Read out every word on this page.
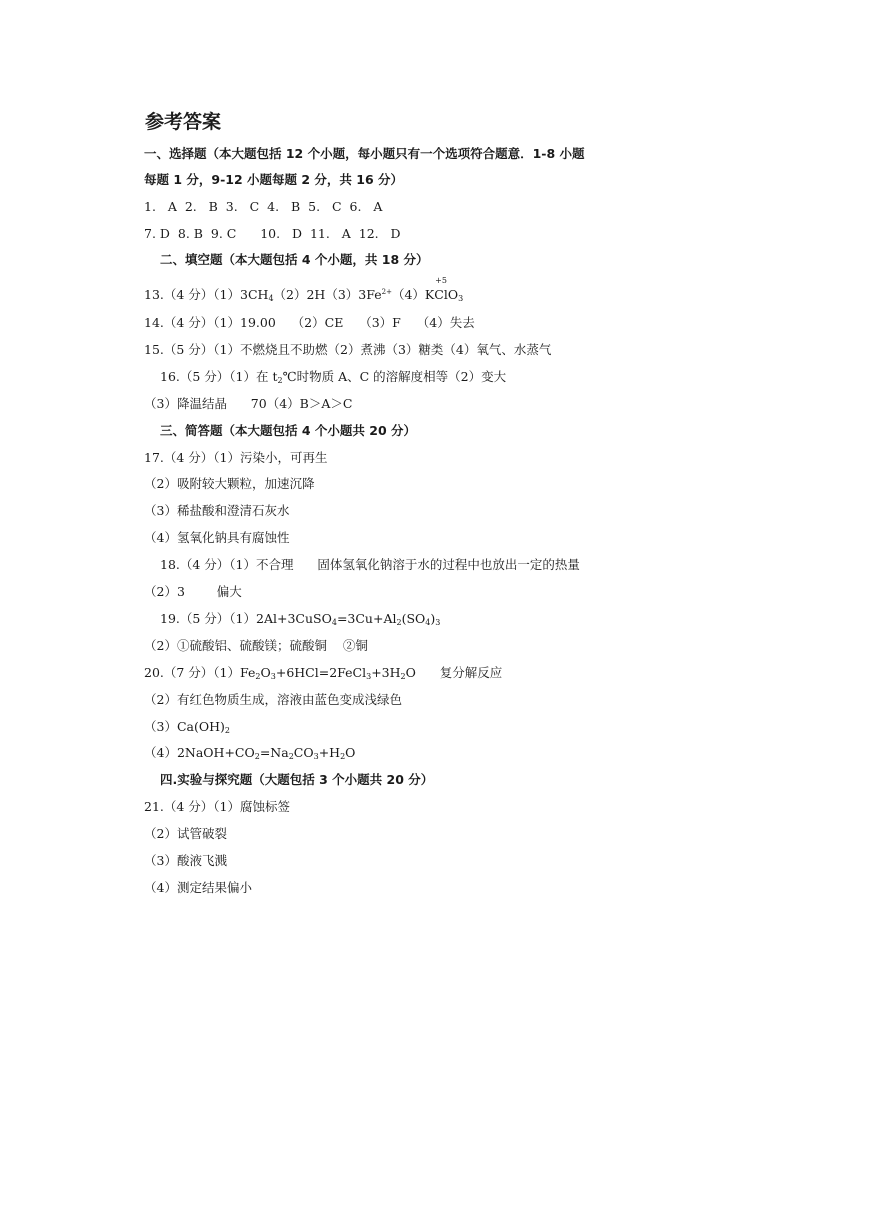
参考答案
一、选择题（本大题包括 12 个小题，每小题只有一个选项符合题意．1-8 小题
每题 1 分，9-12 小题每题 2 分，共 16 分）
1.   A  2.   B  3.   C  4.   B  5.   C  6.   A
7. D  8. B  9. C      10.   D  11.   A  12.   D
二、填空题（本大题包括 4 个小题，共 18 分）
13.（4 分）$(1)3CH_4(2)2H(3)3Fe^{2+}(4)K$
+5
ClO$_3$
14.（4 分）（1）19.00    （2）CE    （3）F    （4）失去
15.（5 分）（1）不燃烧且不助燃（2）煮沸（3）糖类（4）氧气、水蒸气
16.（5 分）（1）在 $t_2℃$时物质 A、C 的溶解度相等（2）变大
（3）降温结晶      70（4）B＞A＞C
三、简答题（本大题包括 4 个小题共 20 分）
17.（4 分）（1）污染小，可再生
（2）吸附较大颗粒，加速沉降
（3）稀盐酸和澄清石灰水
（4）氢氧化钠具有腐蚀性
18.（4 分）（1）不合理      固体氢氧化钠溶于水的过程中也放出一定的热量
（2）3        偏大
19.（5 分）$(1)2Al+3CuSO_4=3Cu+Al_2(SO_4)_3$
（2）①硫酸铝、硫酸镁；硫酸铜    ②铜
20.（7 分）$(1)Fe_2O_3+6HCl=2FeCl_3+3H_2O$      复分解反应
（2）有红色物质生成，溶液由蓝色变成浅绿色
$(3)Ca(OH)_2$
$(4)2NaOH+CO_2=Na_2CO_3+H_2O$
四.实验与探究题（大题包括 3 个小题共 20 分）
21.（4 分）（1）腐蚀标签
（2）试管破裂
（3）酸液飞溅
（4）测定结果偏小
